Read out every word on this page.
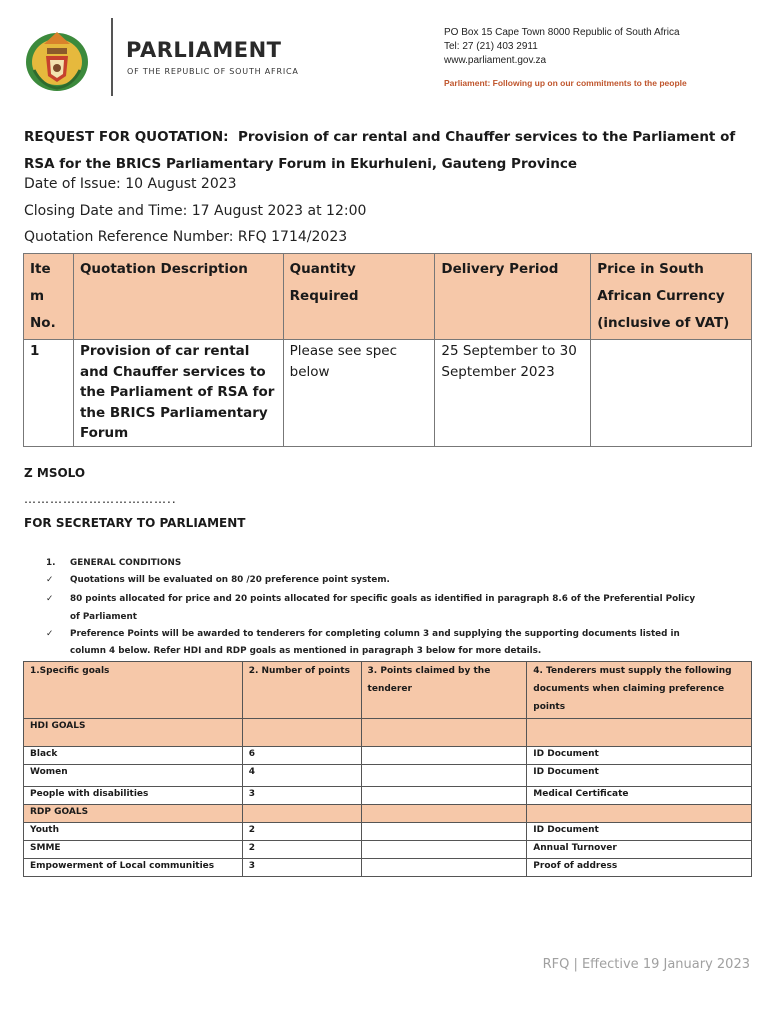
PARLIAMENT
OF THE REPUBLIC OF SOUTH AFRICA
PO Box 15 Cape Town 8000 Republic of South Africa
Tel: 27 (21) 403 2911
www.parliament.gov.za
Parliament: Following up on our commitments to the people
REQUEST FOR QUOTATION: Provision of car rental and Chauffer services to the Parliament of RSA for the BRICS Parliamentary Forum in Ekurhuleni, Gauteng Province
Date of Issue: 10 August 2023
Closing Date and Time: 17 August 2023 at 12:00
Quotation Reference Number: RFQ 1714/2023
Ite m No.	Quotation Description	Quantity Required	Delivery Period	Price in South African Currency (inclusive of VAT)
1	Provision of car rental and Chauffer services to the Parliament of RSA for the BRICS Parliamentary Forum	Please see spec below	25 September to 30 September 2023	
Z MSOLO
……………………………..
FOR SECRETARY TO PARLIAMENT
1. GENERAL CONDITIONS
✓ Quotations will be evaluated on 80 /20 preference point system.
✓ 80 points allocated for price and 20 points allocated for specific goals as identified in paragraph 8.6 of the Preferential Policy
of Parliament
✓ Preference Points will be awarded to tenderers for completing column 3 and supplying the supporting documents listed in
column 4 below. Refer HDI and RDP goals as mentioned in paragraph 3 below for more details.
1.Specific goals	2. Number of points	3. Points claimed by the tenderer	4. Tenderers must supply the following documents when claiming preference points
HDI GOALS			
Black	6		ID Document
Women	4		ID Document
People with disabilities	3		Medical Certificate
RDP GOALS			
Youth	2		ID Document
SMME	2		Annual Turnover
Empowerment of Local communities	3		Proof of address
RFQ | Effective 19 January 2023
